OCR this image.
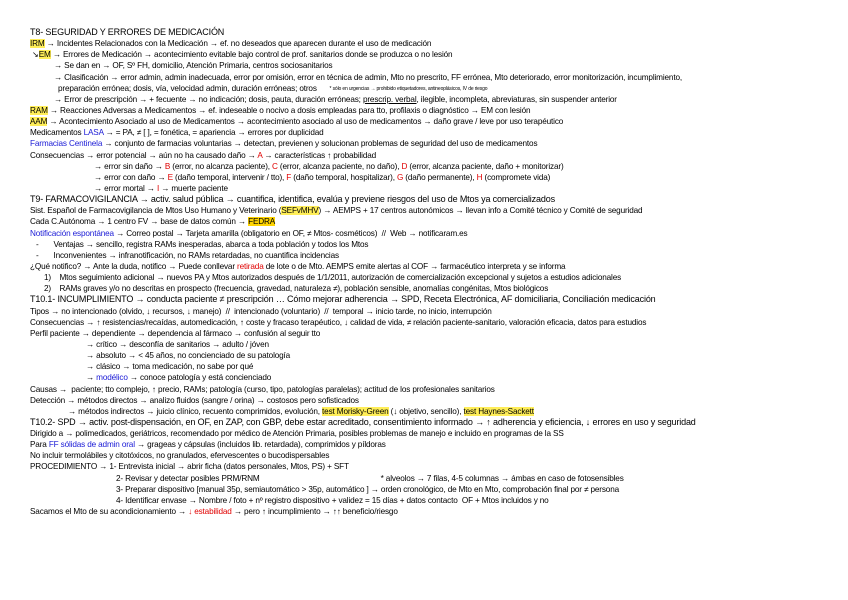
T8- SEGURIDAD Y ERRORES DE MEDICACIÓN
IRM → Incidentes Relacionados con la Medicación → ef. no deseados que aparecen durante el uso de medicación
↘EM → Errores de Medicación → acontecimiento evitable bajo control de prof. sanitarios donde se produzca o no lesión
→ Se dan en → OF, Sº FH, domicilio, Atención Primaria, centros sociosanitarios
→ Clasificación → error admin, admin inadecuada, error por omisión, error en técnica de admin, Mto no prescrito, FF errónea, Mto deteriorado, error monitorización, incumplimiento,
preparación errónea; dosis, vía, velocidad admin, duración erróneas; otros      * sólo en urgencias → prohibido etiquetadores, antineoplásicos, IV de riesgo
→ Error de prescripción → + fecuente → no indicación; dosis, pauta, duración erróneas; prescrip. verbal, ilegible, incompleta, abreviaturas, sin suspender anterior
RAM → Reacciones Adversas a Medicamentos → ef. indeseable o nocivo a dosis empleadas para tto, profilaxis o diagnóstico → EM con lesión
AAM → Acontecimiento Asociado al uso de Medicamentos → acontecimiento asociado al uso de medicamentos → daño grave / leve por uso terapéutico
Medicamentos LASA → = PA, ≠ [ ], = fonética, = apariencia → errores por duplicidad
Farmacias Centinela → conjunto de farmacias voluntarias → detectan, previenen y solucionan problemas de seguridad del uso de medicamentos
Consecuencias → error potencial → aún no ha causado daño → A → características ↑ probabilidad
→ error sin daño → B (error, no alcanza paciente), C (error, alcanza paciente, no daño), D (error, alcanza paciente, daño + monitorizar)
→ error con daño → E (daño temporal, intervenir / tto), F (daño temporal, hospitalizar), G (daño permanente), H (compromete vida)
→ error mortal → I → muerte paciente
T9- FARMACOVIGILANCIA → activ. salud pública → cuantifica, identifica, evalúa y previene riesgos del uso de Mtos ya comercializados
Sist. Español de Farmacovigilancia de Mtos Uso Humano y Veterinario (SEFvMHV) → AEMPS + 17 centros autonómicos → llevan info a Comité técnico y Comité de seguridad
Cada C.Autónoma → 1 centro FV → base de datos común → FEDRA
Notificación espontánea → Correo postal → Tarjeta amarilla (obligatorio en OF, ≠ Mtos- cosméticos)  //  Web → notificaram.es
-       Ventajas → sencillo, registra RAMs inesperadas, abarca a toda población y todos los Mtos
-       Inconvenientes → infranotificación, no RAMs retardadas, no cuantifica incidencias
¿Qué notifico? → Ante la duda, notifico → Puede conllevar retirada de lote o de Mto. AEMPS emite alertas al COF → farmacéutico interpreta y se informa
1)    Mtos seguimiento adicional → nuevos PA y Mtos autorizados después de 1/1/2011, autorización de comercialización excepcional y sujetos a estudios adicionales
2)    RAMs graves y/o no descritas en prospecto (frecuencia, gravedad, naturaleza ≠), población sensible, anomalías congénitas, Mtos biológicos
T10.1- INCUMPLIMIENTO → conducta paciente ≠ prescripción … Cómo mejorar adherencia → SPD, Receta Electrónica, AF domiciliaria, Conciliación medicación
Tipos → no intencionado (olvido, ↓ recursos, ↓ manejo)  //  intencionado (voluntario)  //  temporal → inicio tarde, no inicio, interrupción
Consecuencias → ↑ resistencias/recaídas, automedicación, ↑ coste y fracaso terapéutico, ↓ calidad de vida, ≠ relación paciente-sanitario, valoración eficacia, datos para estudios
Perfil paciente → dependiente → dependencia al fármaco → confusión al seguir tto
→ crítico → desconfía de sanitarios → adulto / jóven
→ absoluto → < 45 años, no concienciado de su patología
→ clásico → toma medicación, no sabe por qué
→ modélico → conoce patología y está concienciado
Causas →  paciente; tto complejo, ↑ precio, RAMs; patología (curso, tipo, patologías paralelas); actitud de los profesionales sanitarios
Detección → métodos directos → analizo fluidos (sangre / orina) → costosos pero sofisticados
→ métodos indirectos → juicio clínico, recuento comprimidos, evolución, test Morisky-Green (↓ objetivo, sencillo), test Haynes-Sackett
T10.2- SPD → activ. post-dispensación, en OF, en ZAP, con GBP, debe estar acreditado, consentimiento informado → ↑ adherencia y eficiencia, ↓ errores en uso y seguridad
Dirigido a → polimedicados, geriátricos, recomendado por médico de Atención Primaria, posibles problemas de manejo e incluido en programas de la SS
Para FF sólidas de admin oral → grageas y cápsulas (incluidos lib. retardada), comprimidos y píldoras
No incluir termolábiles y citotóxicos, no granulados, efervescentes o bucodispersables
PROCEDIMIENTO → 1- Entrevista inicial → abrir ficha (datos personales, Mtos, PS) + SFT
2- Revisar y detectar posibles PRM/RNM                                                         * alveolos → 7 filas, 4-5 columnas → ámbas en caso de fotosensibles
3- Preparar dispositivo [manual 35p, semiautomático > 35p, automático ] → orden cronológico, de Mto en Mto, comprobación final por ≠ persona
4- Identificar envase → Nombre / foto + nº registro dispositivo + validez = 15 días + datos contacto  OF + Mtos incluidos y no
Sacamos el Mto de su acondicionamiento → ↓ estabilidad → pero ↑ incumplimiento → ↑↑ beneficio/riesgo
